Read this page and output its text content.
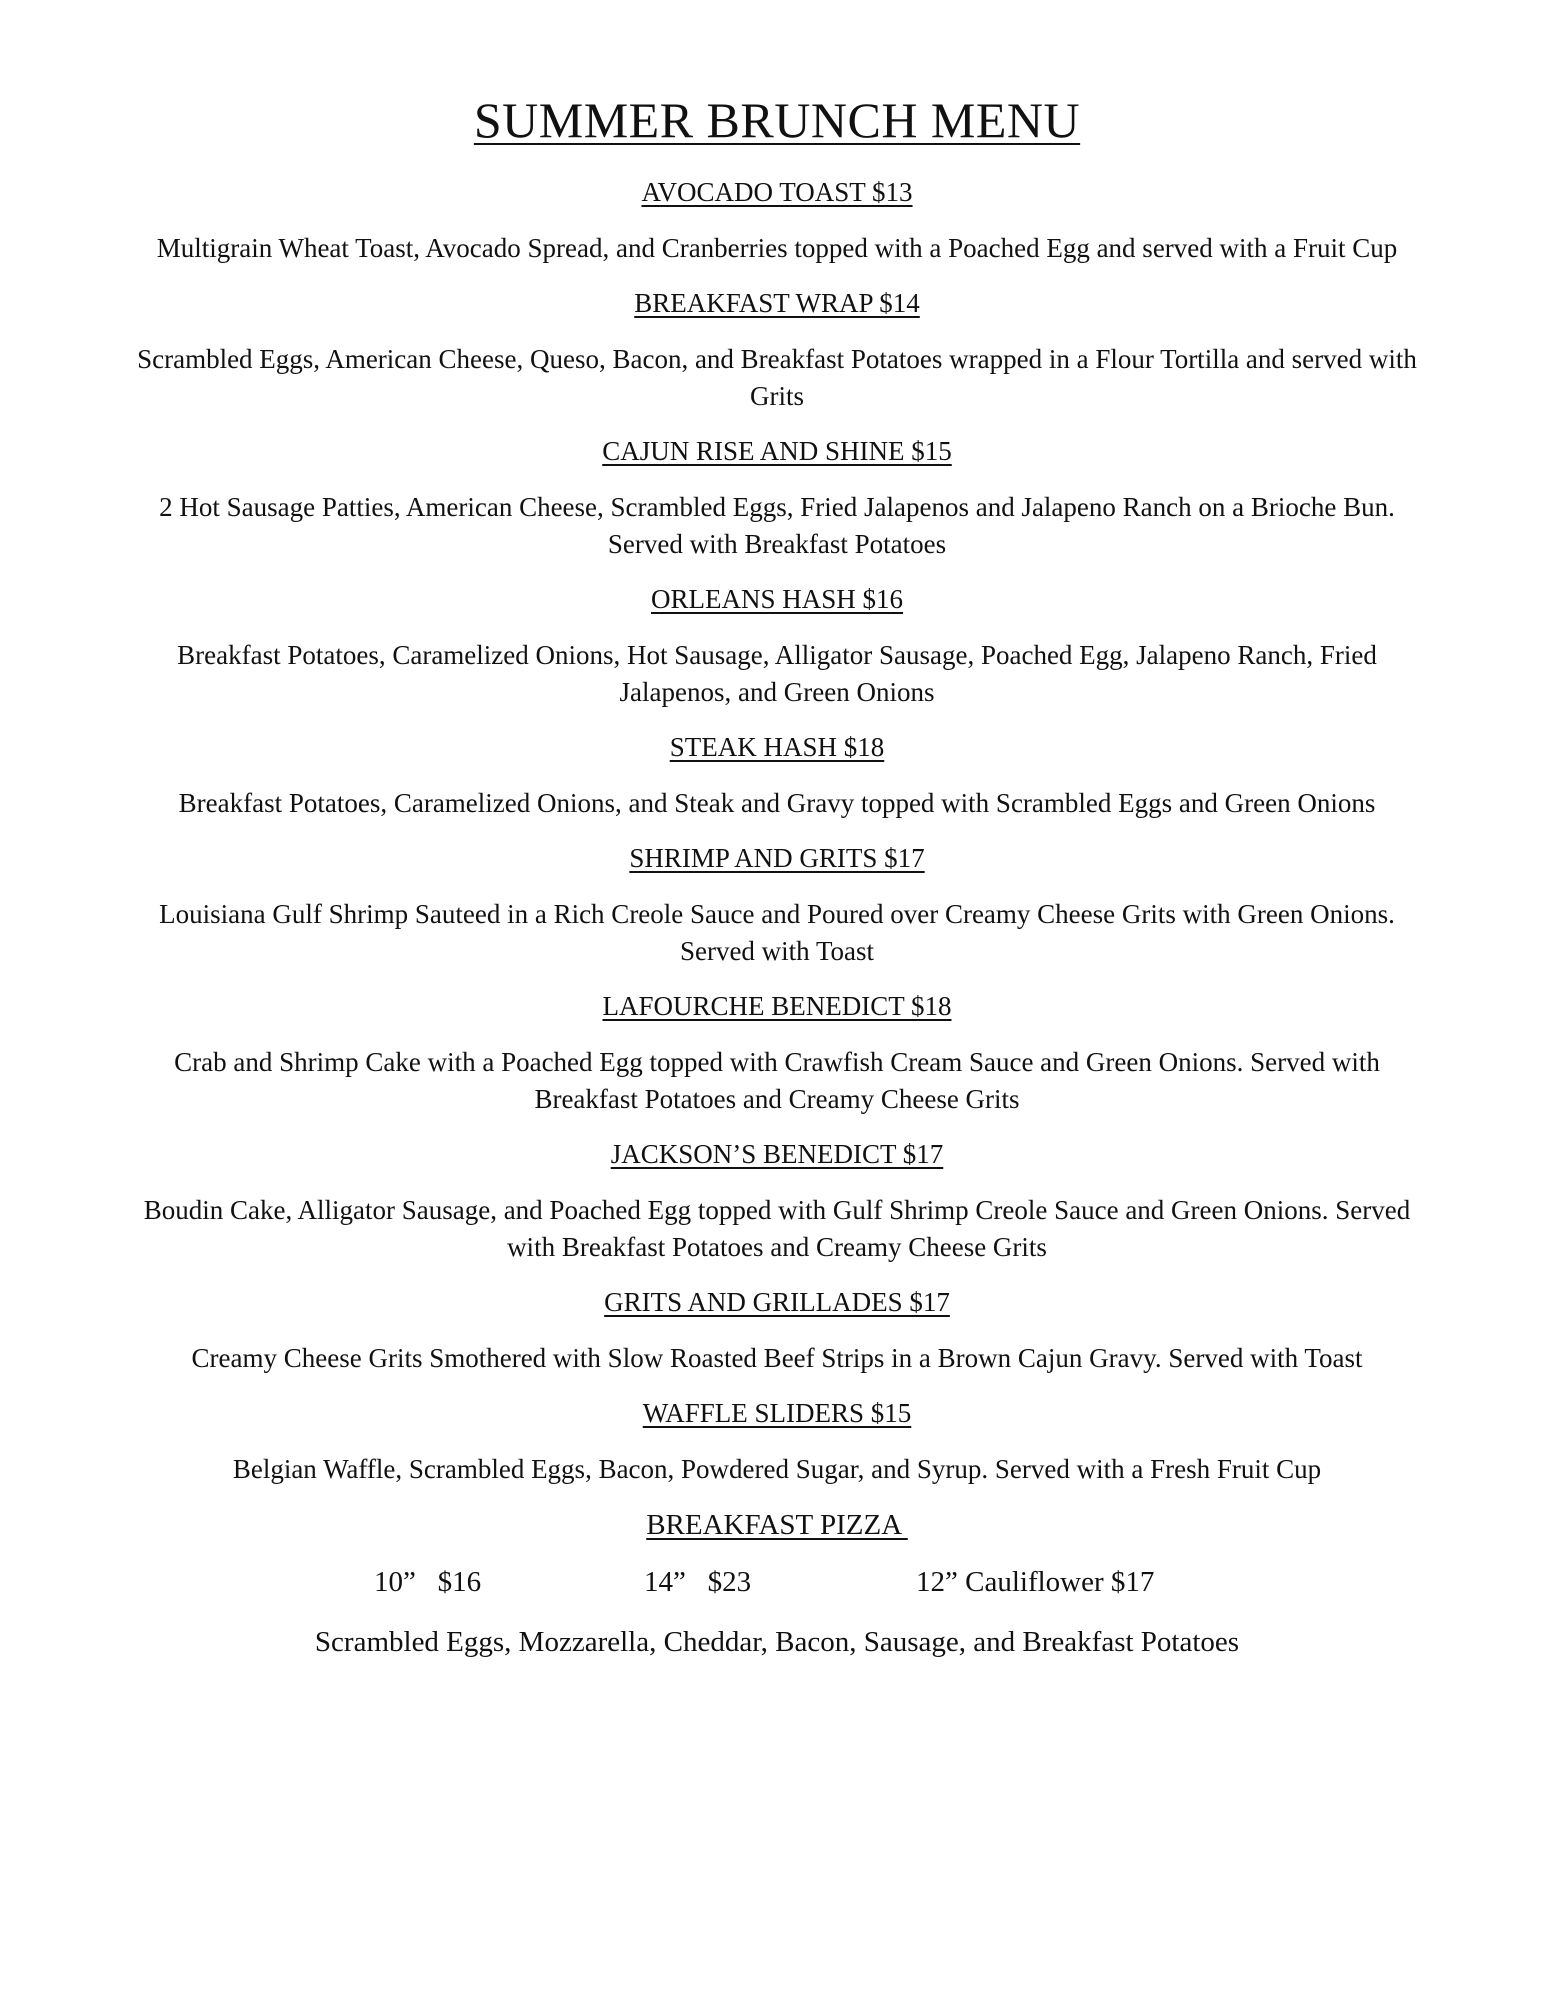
SUMMER BRUNCH MENU
AVOCADO TOAST $13
Multigrain Wheat Toast, Avocado Spread, and Cranberries topped with a Poached Egg and served with a Fruit Cup
BREAKFAST WRAP $14
Scrambled Eggs, American Cheese, Queso, Bacon, and Breakfast Potatoes wrapped in a Flour Tortilla and served with Grits
CAJUN RISE AND SHINE $15
2 Hot Sausage Patties, American Cheese, Scrambled Eggs, Fried Jalapenos and Jalapeno Ranch on a Brioche Bun. Served with Breakfast Potatoes
ORLEANS HASH $16
Breakfast Potatoes, Caramelized Onions, Hot Sausage, Alligator Sausage, Poached Egg, Jalapeno Ranch, Fried Jalapenos, and Green Onions
STEAK HASH $18
Breakfast Potatoes, Caramelized Onions, and Steak and Gravy topped with Scrambled Eggs and Green Onions
SHRIMP AND GRITS $17
Louisiana Gulf Shrimp Sauteed in a Rich Creole Sauce and Poured over Creamy Cheese Grits with Green Onions. Served with Toast
LAFOURCHE BENEDICT $18
Crab and Shrimp Cake with a Poached Egg topped with Crawfish Cream Sauce and Green Onions. Served with Breakfast Potatoes and Creamy Cheese Grits
JACKSON’S BENEDICT $17
Boudin Cake, Alligator Sausage, and Poached Egg topped with Gulf Shrimp Creole Sauce and Green Onions. Served with Breakfast Potatoes and Creamy Cheese Grits
GRITS AND GRILLADES $17
Creamy Cheese Grits Smothered with Slow Roasted Beef Strips in a Brown Cajun Gravy. Served with Toast
WAFFLE SLIDERS $15
Belgian Waffle, Scrambled Eggs, Bacon, Powdered Sugar, and Syrup. Served with a Fresh Fruit Cup
BREAKFAST PIZZA
10”   $16	14”   $23	12” Cauliflower $17
Scrambled Eggs, Mozzarella, Cheddar, Bacon, Sausage, and Breakfast Potatoes
